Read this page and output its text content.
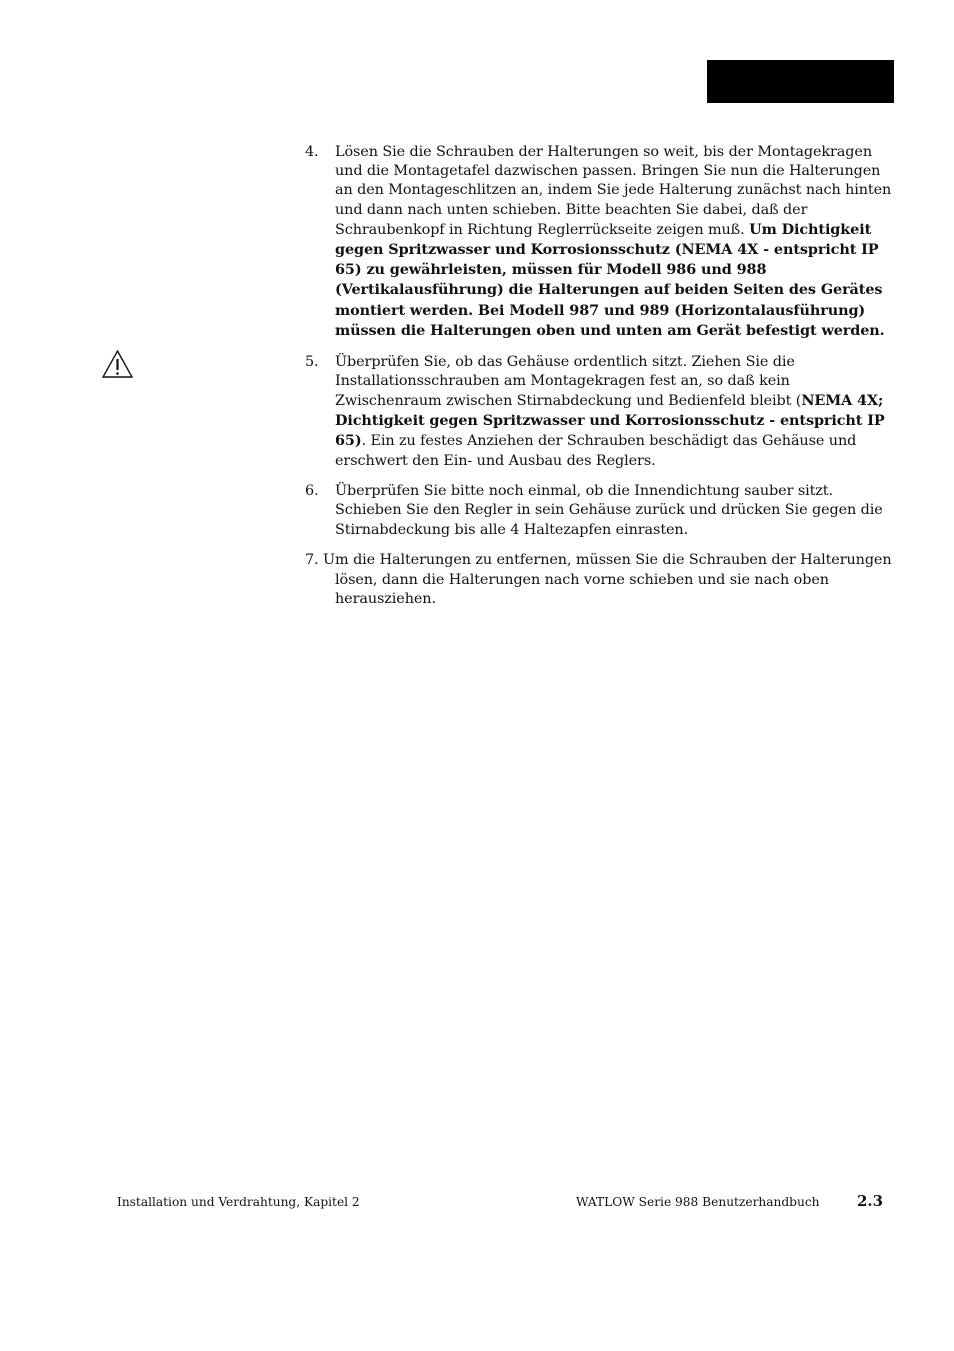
4. Lösen Sie die Schrauben der Halterungen so weit, bis der Montagekragen und die Montagetafel dazwischen passen. Bringen Sie nun die Halterungen an den Montageschlitzen an, indem Sie jede Halterung zunächst nach hinten und dann nach unten schieben. Bitte beachten Sie dabei, daß der Schraubenkopf in Richtung Reglerrückseite zeigen muß. Um Dichtigkeit gegen Spritzwasser und Korrosionsschutz (NEMA 4X - entspricht IP 65) zu gewährleisten, müssen für Modell 986 und 988 (Vertikalausführung) die Halterungen auf beiden Seiten des Gerätes montiert werden. Bei Modell 987 und 989 (Horizontalausführung) müssen die Halterungen oben und unten am Gerät befestigt werden.
5. Überprüfen Sie, ob das Gehäuse ordentlich sitzt. Ziehen Sie die Installationsschrauben am Montagekragen fest an, so daß kein Zwischenraum zwischen Stirnabdeckung und Bedienfeld bleibt (NEMA 4X; Dichtigkeit gegen Spritzwasser und Korrosionsschutz - entspricht IP 65). Ein zu festes Anziehen der Schrauben beschädigt das Gehäuse und erschwert den Ein- und Ausbau des Reglers.
6. Überprüfen Sie bitte noch einmal, ob die Innendichtung sauber sitzt. Schieben Sie den Regler in sein Gehäuse zurück und drücken Sie gegen die Stirnabdeckung bis alle 4 Haltezapfen einrasten.
7. Um die Halterungen zu entfernen, müssen Sie die Schrauben der Halterungen lösen, dann die Halterungen nach vorne schieben und sie nach oben herausziehen.
Installation und Verdrahtung, Kapitel 2	WATLOW Serie 988 Benutzerhandbuch	2.3
